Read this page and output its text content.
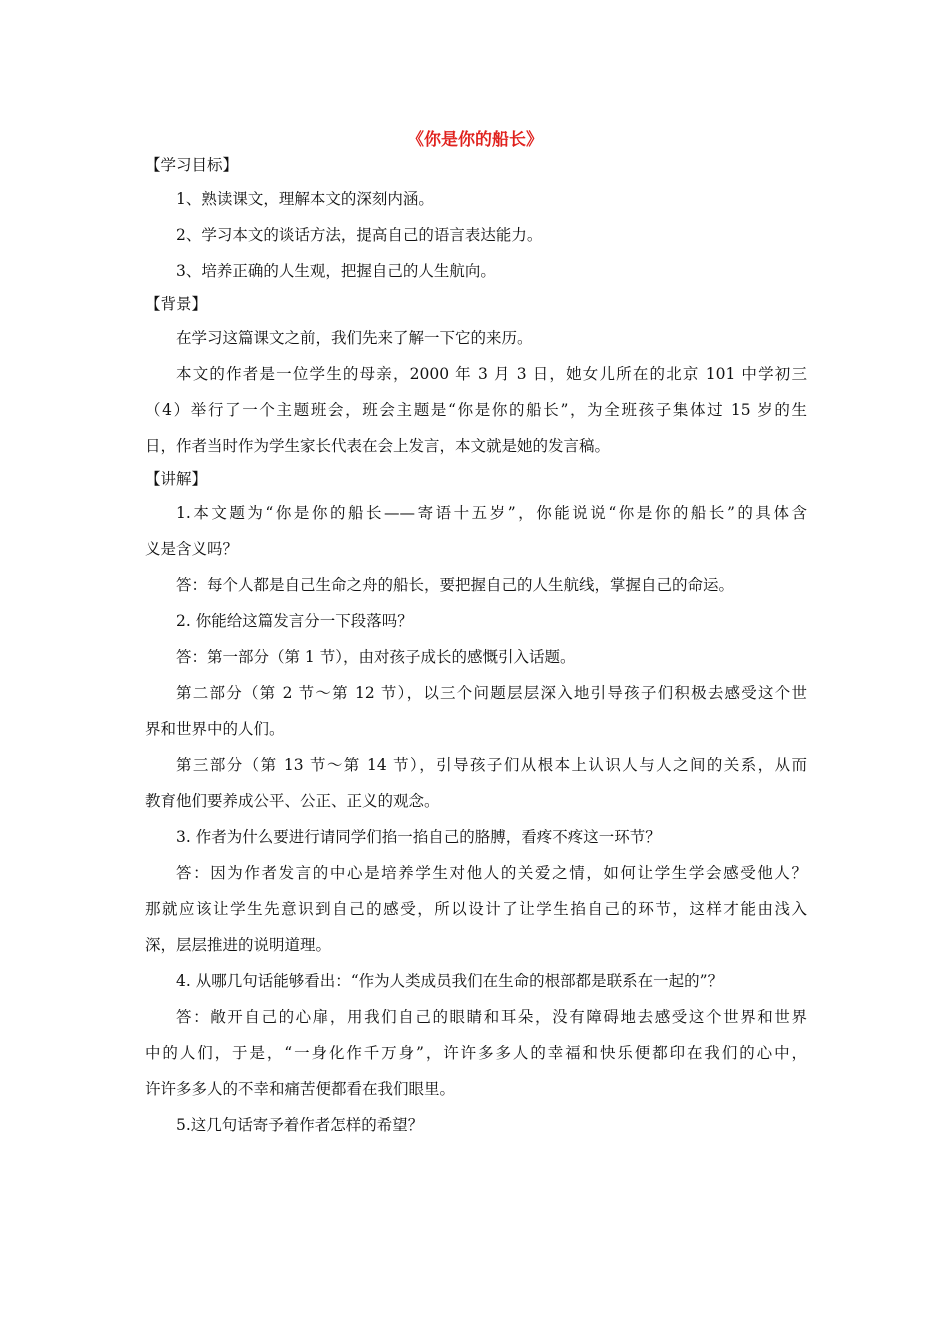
《你是你的船长》
【学习目标】
1、熟读课文，理解本文的深刻内涵。
2、学习本文的谈话方法，提高自己的语言表达能力。
3、培养正确的人生观，把握自己的人生航向。
【背景】
在学习这篇课文之前，我们先来了解一下它的来历。
本文的作者是一位学生的母亲，2000 年 3 月 3 日，她女儿所在的北京 101 中学初三
（4）举行了一个主题班会，班会主题是“你是你的船长”，为全班孩子集体过 15 岁的生
日，作者当时作为学生家长代表在会上发言，本文就是她的发言稿。
【讲解】
1.本文题为“你是你的船长——寄语十五岁”，你能说说“你是你的船长”的具体含
义是含义吗？
答：每个人都是自己生命之舟的船长，要把握自己的人生航线，掌握自己的命运。
2. 你能给这篇发言分一下段落吗？
答：第一部分（第 1 节），由对孩子成长的感慨引入话题。
第二部分（第 2 节～第 12 节），以三个问题层层深入地引导孩子们积极去感受这个世
界和世界中的人们。
第三部分（第 13 节～第 14 节），引导孩子们从根本上认识人与人之间的关系，从而
教育他们要养成公平、公正、正义的观念。
3. 作者为什么要进行请同学们掐一掐自己的胳膊，看疼不疼这一环节？
答：因为作者发言的中心是培养学生对他人的关爱之情，如何让学生学会感受他人？
那就应该让学生先意识到自己的感受，所以设计了让学生掐自己的环节，这样才能由浅入
深，层层推进的说明道理。
4. 从哪几句话能够看出：“作为人类成员我们在生命的根部都是联系在一起的”？
答：敞开自己的心扉，用我们自己的眼睛和耳朵，没有障碍地去感受这个世界和世界
中的人们，于是，“一身化作千万身”，许许多多人的幸福和快乐便都印在我们的心中，
许许多多人的不幸和痛苦便都看在我们眼里。
5.这几句话寄予着作者怎样的希望？
